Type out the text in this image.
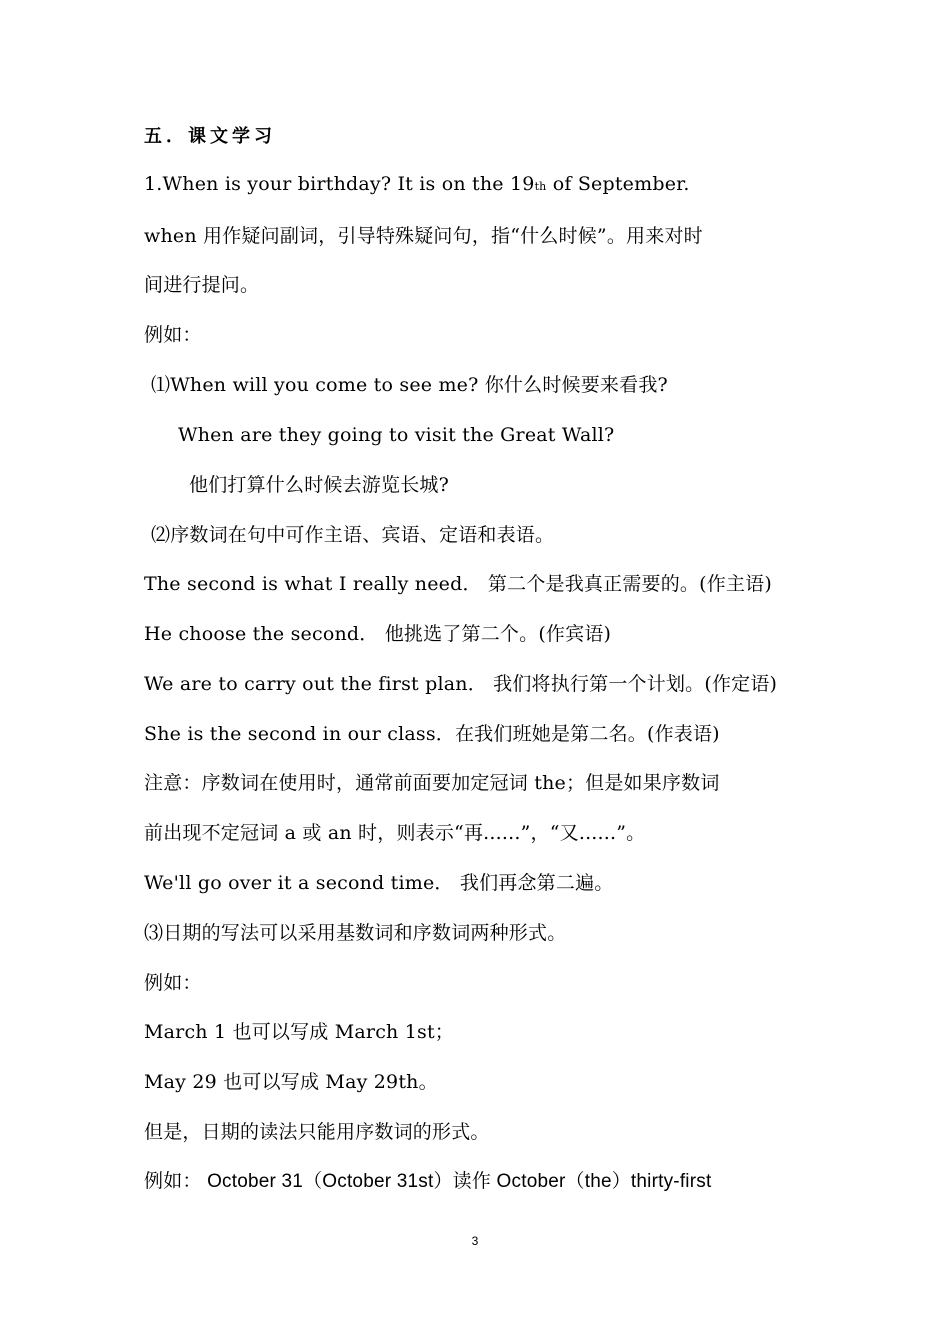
五．课文学习
1.When is your birthday? It is on the 19th of September.
when 用作疑问副词，引导特殊疑问句，指“什么时候”。用来对时
间进行提问。
例如：
⑴When will you come to see me? 你什么时候要来看我?
When are they going to visit the Great Wall?
他们打算什么时候去游览长城?
⑵序数词在句中可作主语、宾语、定语和表语。
The second is what I really need． 第二个是我真正需要的。(作主语)
He choose the second． 他挑选了第二个。(作宾语)
We are to carry out the first plan． 我们将执行第一个计划。(作定语)
She is the second in our class．在我们班她是第二名。(作表语)
注意：序数词在使用时，通常前面要加定冠词 the；但是如果序数词
前出现不定冠词 a 或 an 时，则表示“再......”，“又......”。
We'll go over it a second time． 我们再念第二遍。
⑶日期的写法可以采用基数词和序数词两种形式。
例如：
March 1 也可以写成 March 1st；
May 29 也可以写成 May 29th。
但是，日期的读法只能用序数词的形式。
例如： October 31（October 31st）读作 October（the）thirty-first
3
